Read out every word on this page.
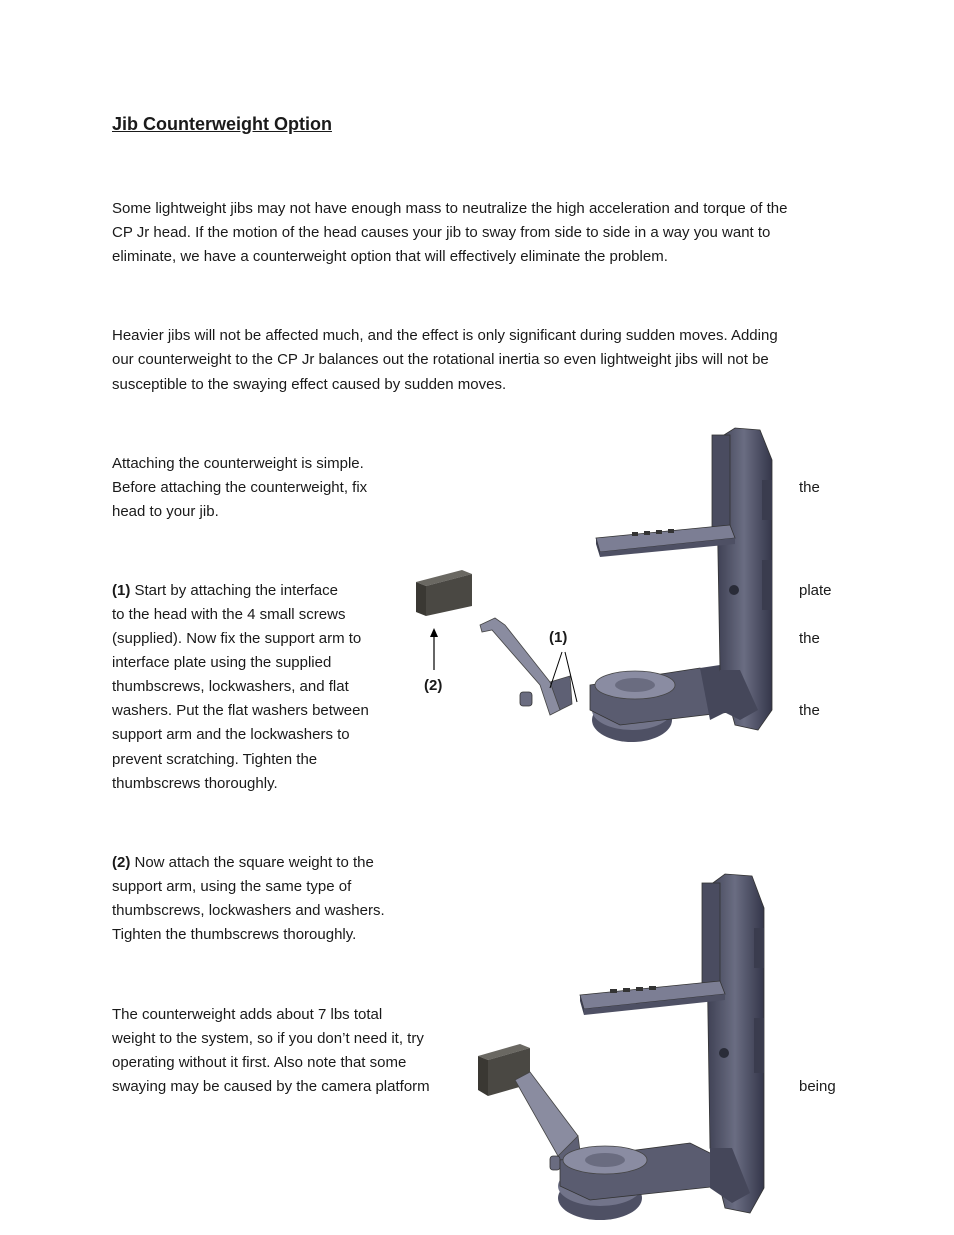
Jib Counterweight Option
Some lightweight jibs may not have enough mass to neutralize the high acceleration and torque of the
CP Jr head. If the motion of the head causes your jib to sway from side to side in a way you want to
eliminate, we have a counterweight option that will effectively eliminate the problem.
Heavier jibs will not be affected much, and the effect is only significant during sudden moves. Adding
our counterweight to the CP Jr balances out the rotational inertia so even lightweight jibs will not be
susceptible to the swaying effect caused by sudden moves.
Attaching the counterweight is simple.
Before attaching the counterweight, fix	the
head to your jib.
(1) Start by attaching the interface	plate
to the head with the 4 small screws
(supplied). Now fix the support arm to	the
interface plate using the supplied
thumbscrews, lockwashers, and flat
washers. Put the flat washers between	the
support arm and the lockwashers to
prevent scratching. Tighten the
thumbscrews thoroughly.
(2) Now attach the square weight to the
support arm, using the same type of
thumbscrews, lockwashers and washers.
Tighten the thumbscrews thoroughly.
The counterweight adds about 7 lbs total
weight to the system, so if you don’t need it, try
operating without it first. Also note that some
swaying may be caused by the camera platform	being
(1)
(2)
